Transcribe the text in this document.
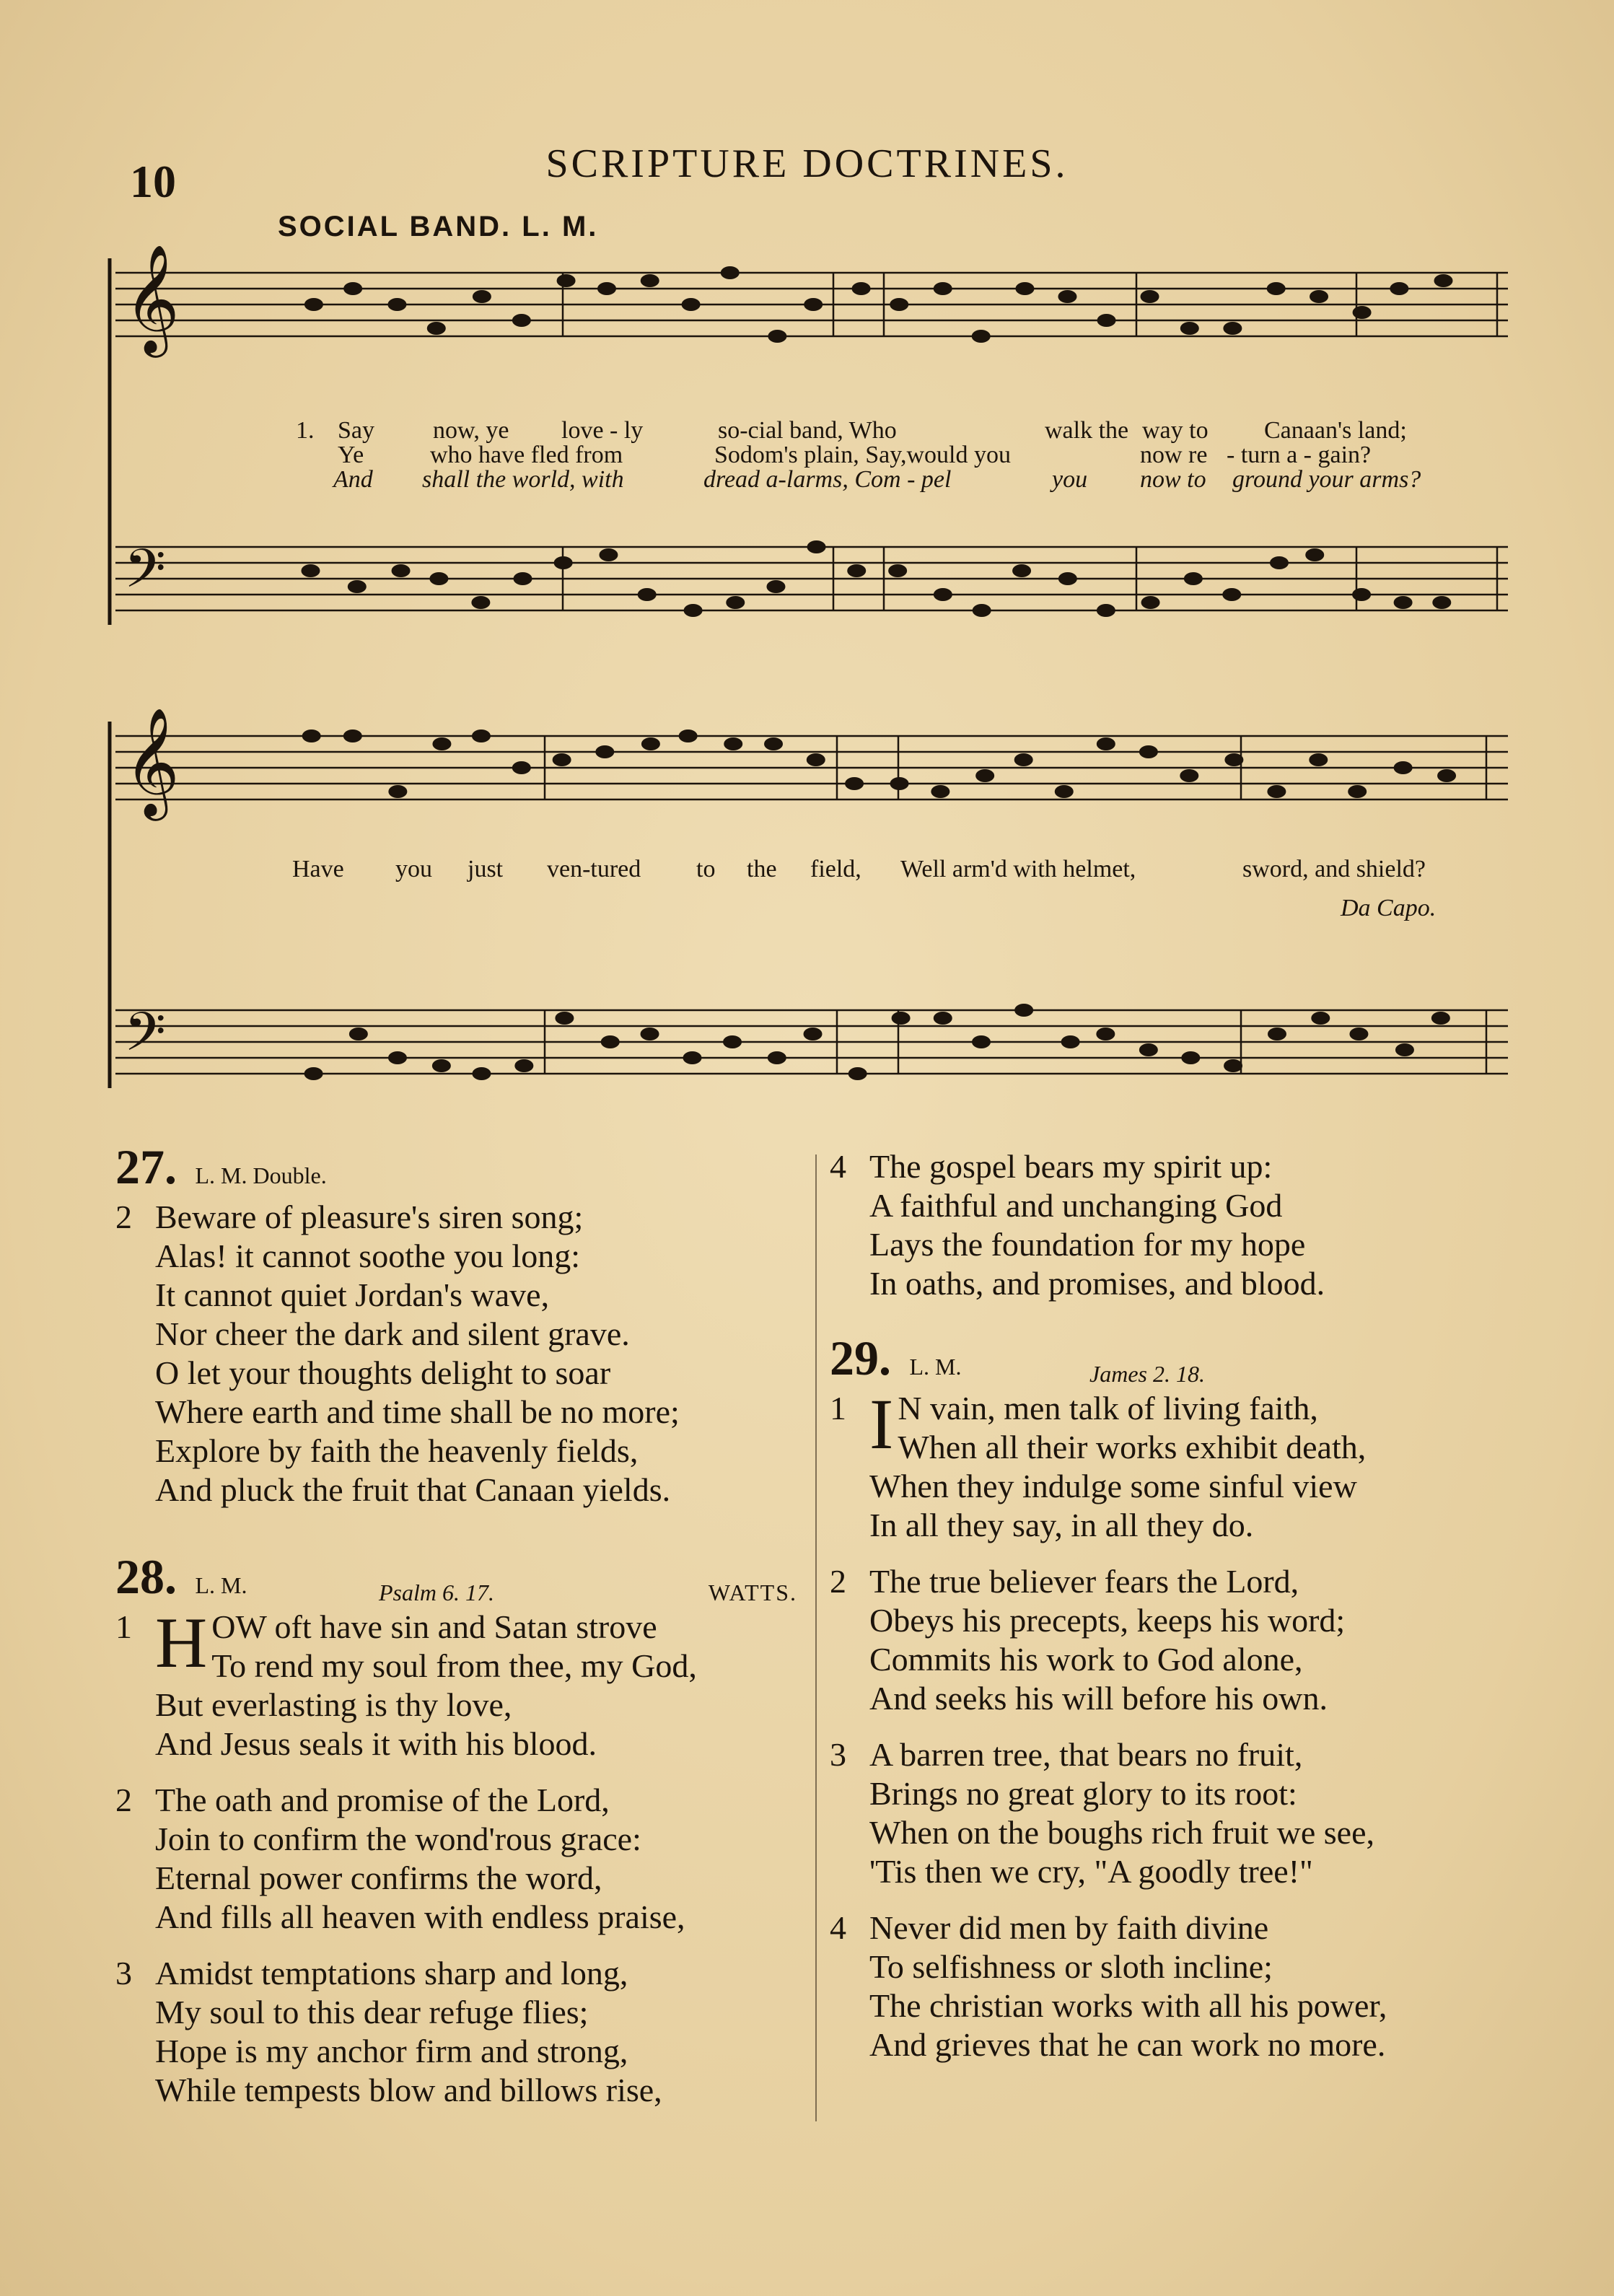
10	SCRIPTURE DOCTRINES.
SOCIAL BAND. L. M.
𝄞
𝄢
𝄞
𝄢
1. Say now, ye love - ly	so-cial band, Who	walk the way to Canaan's land;
Ye	who have fled from	Sodom's plain, Say,would you	now re - turn a - gain?
And shall the world, with	dread a-larms, Com - pel	you now to ground your arms?
Have you just ven-tured to the field, Well arm'd with helmet,	sword, and shield?
Da Capo.
27. L. M. Double.
2 Beware of pleasure's siren song;
Alas! it cannot soothe you long:
It cannot quiet Jordan's wave,
Nor cheer the dark and silent grave.
O let your thoughts delight to soar
Where earth and time shall be no more;
Explore by faith the heavenly fields,
And pluck the fruit that Canaan yields.
28. L. M.	Psalm 6. 17.	WATTS.
1 H OW oft have sin and Satan strove
To rend my soul from thee, my God,
But everlasting is thy love,
And Jesus seals it with his blood.
2 The oath and promise of the Lord,
Join to confirm the wond'rous grace:
Eternal power confirms the word,
And fills all heaven with endless praise,
3 Amidst temptations sharp and long,
My soul to this dear refuge flies;
Hope is my anchor firm and strong,
While tempests blow and billows rise,
4 The gospel bears my spirit up:
A faithful and unchanging God
Lays the foundation for my hope
In oaths, and promises, and blood.
29. L. M.	James 2. 18.
1 I N vain, men talk of living faith,
When all their works exhibit death,
When they indulge some sinful view
In all they say, in all they do.
2 The true believer fears the Lord,
Obeys his precepts, keeps his word;
Commits his work to God alone,
And seeks his will before his own.
3 A barren tree, that bears no fruit,
Brings no great glory to its root:
When on the boughs rich fruit we see,
'Tis then we cry, "A goodly tree!"
4 Never did men by faith divine
To selfishness or sloth incline;
The christian works with all his power,
And grieves that he can work no more.
